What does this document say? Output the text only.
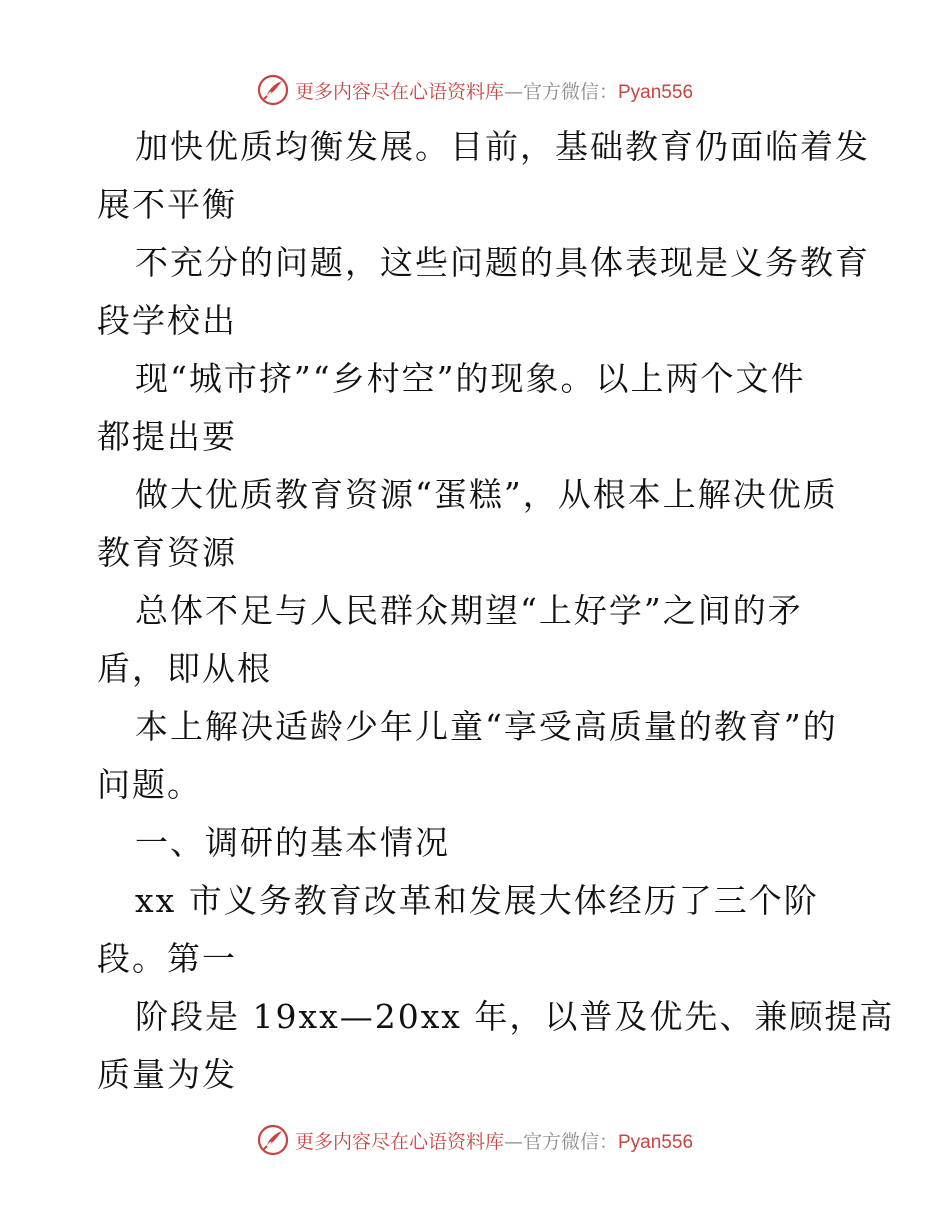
更多内容尽在心语资料库—官方微信：Pyan556
加快优质均衡发展。目前，基础教育仍面临着发
展不平衡
不充分的问题，这些问题的具体表现是义务教育
段学校出
现“城市挤”“乡村空”的现象。以上两个文件
都提出要
做大优质教育资源“蛋糕”，从根本上解决优质
教育资源
总体不足与人民群众期望“上好学”之间的矛
盾，即从根
本上解决适龄少年儿童“享受高质量的教育”的
问题。
一、调研的基本情况
xx 市义务教育改革和发展大体经历了三个阶
段。第一
阶段是 19xx—20xx 年，以普及优先、兼顾提高
质量为发
更多内容尽在心语资料库—官方微信：Pyan556
